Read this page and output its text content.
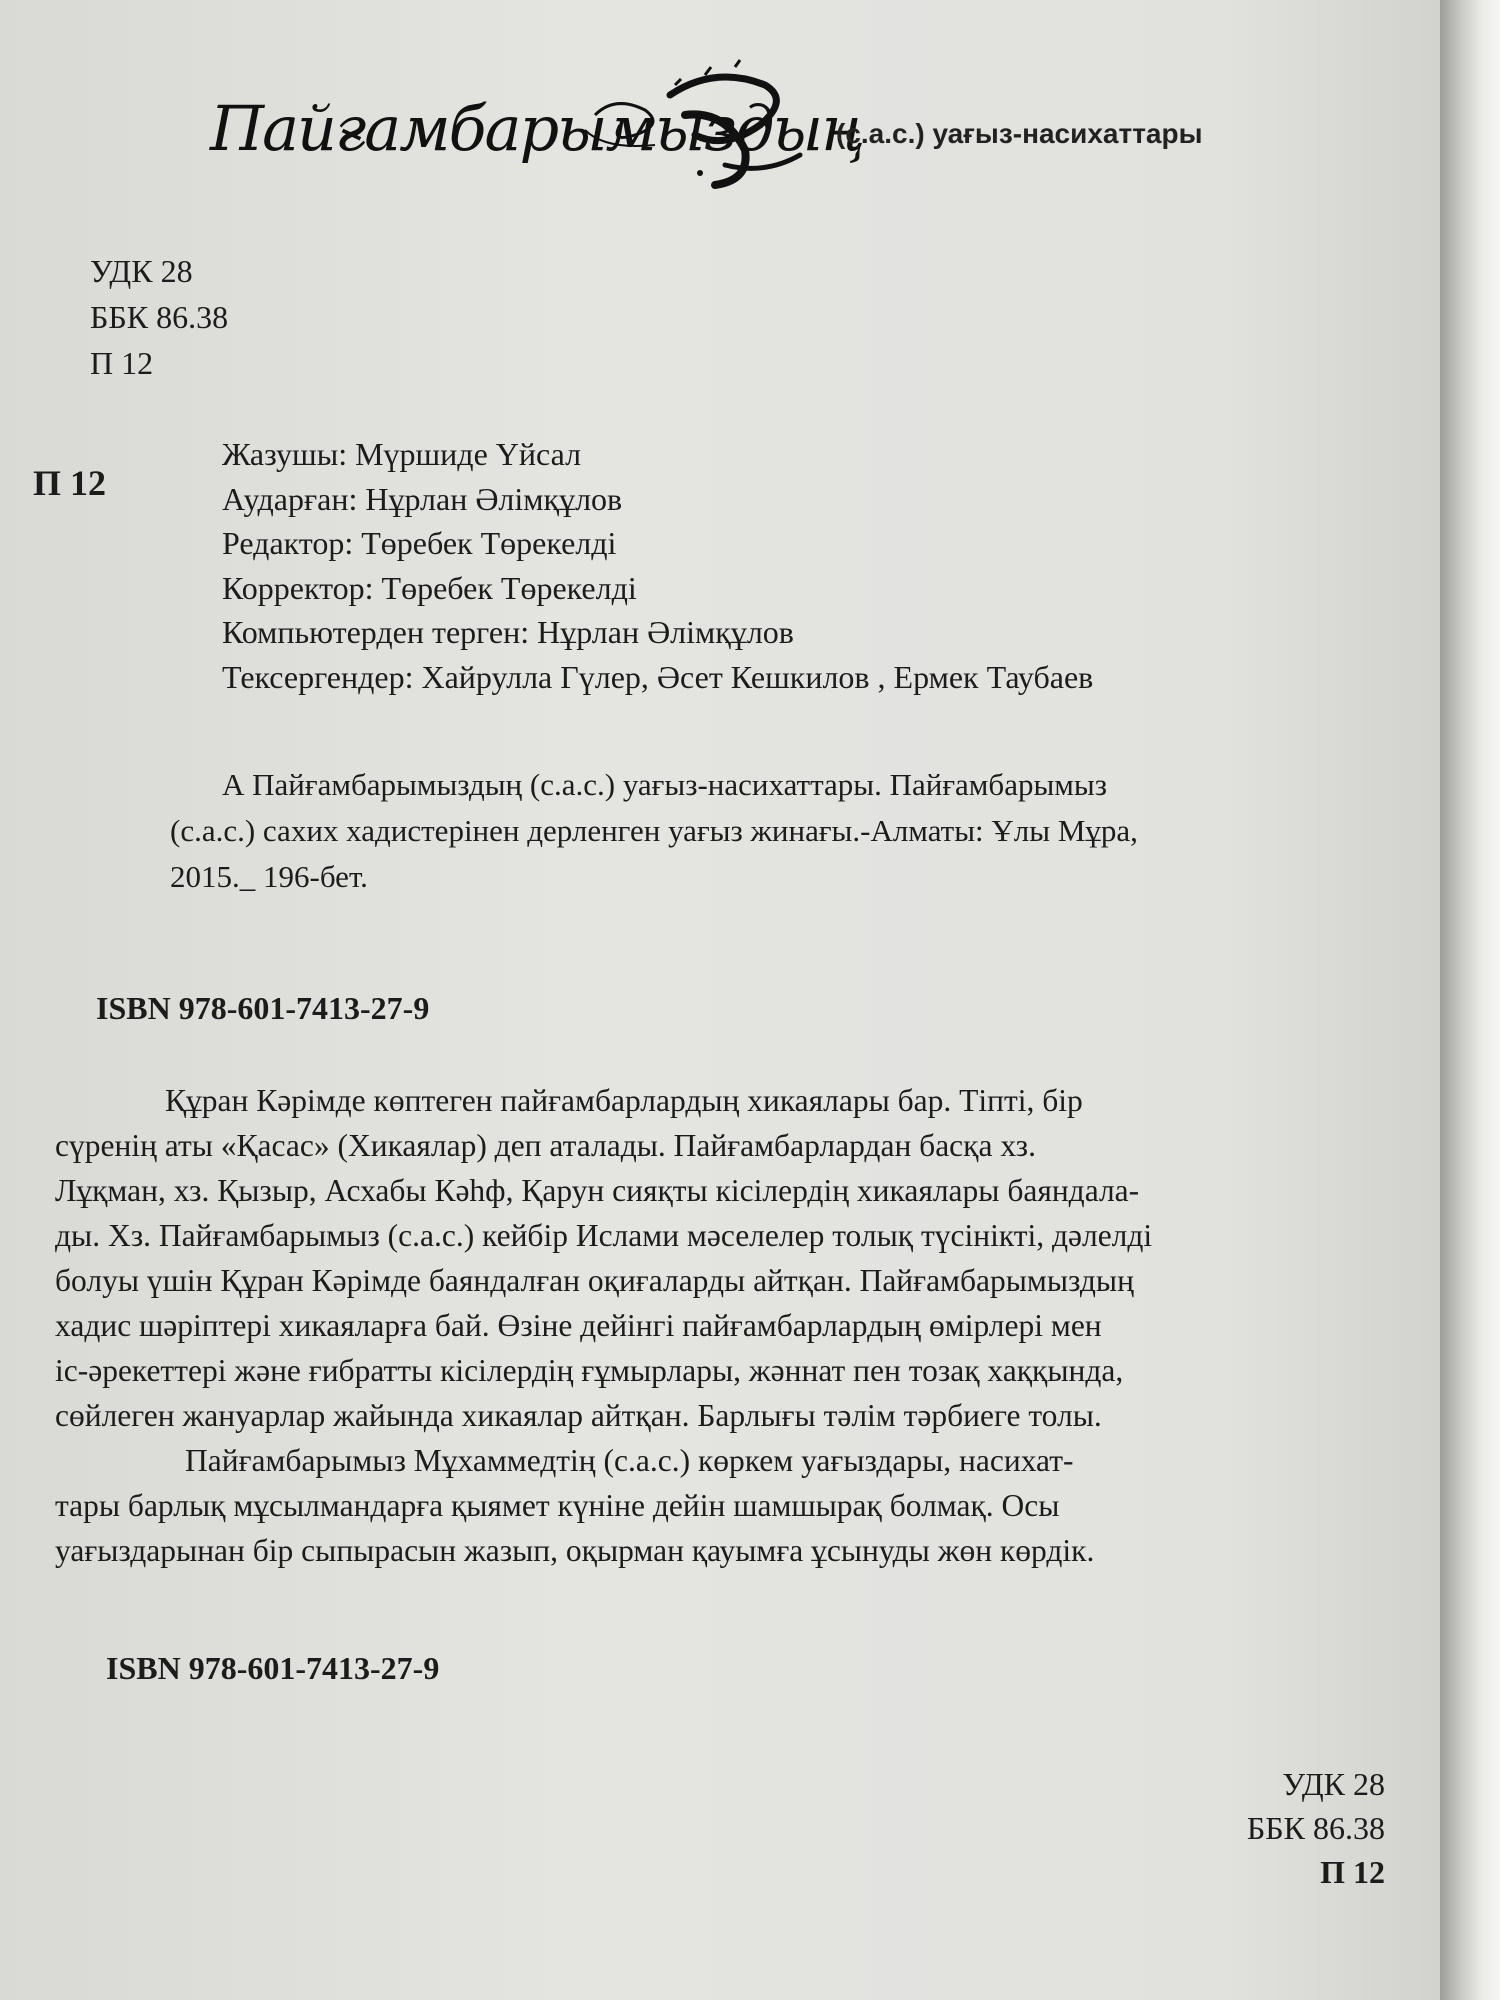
Пайғамбарымыздың
(с.а.с.) уағыз-насихаттары
УДК 28
ББК 86.38
П 12
П 12
Жазушы: Мүршиде Үйсал
Аударған: Нұрлан Әлімқұлов
Редактор: Төребек Төрекелді
Корректор: Төребек Төрекелді
Компьютерден терген: Нұрлан Әлімқұлов
Тексергендер: Хайрулла Гүлер, Әсет Кешкилов , Ермек Таубаев
А Пайғамбарымыздың (с.а.с.) уағыз-насихаттары. Пайғамбарымыз
(с.а.с.) сахих хадистерінен дерленген уағыз жинағы.-Алматы: Ұлы Мұра,
2015._ 196-бет.
ISBN 978-601-7413-27-9
Құран Кәрімде көптеген пайғамбарлардың хикаялары бар. Тіпті, бір
сүренің аты «Қасас» (Хикаялар) деп аталады. Пайғамбарлардан басқа хз.
Лұқман, хз. Қызыр, Асхабы Кәһф, Қарун сияқты кісілердің хикаялары баяндала-
ды. Хз. Пайғамбарымыз (с.а.с.) кейбір Ислами мәселелер толық түсінікті, дәлелді
болуы үшін Құран Кәрімде баяндалған оқиғаларды айтқан. Пайғамбарымыздың
хадис шәріптері хикаяларға бай. Өзіне дейінгі пайғамбарлардың өмірлері мен
іс-әрекеттері және ғибратты кісілердің ғұмырлары, жәннат пен тозақ хаққында,
сөйлеген жануарлар жайында хикаялар айтқан. Барлығы тәлім тәрбиеге толы.
Пайғамбарымыз Мұхаммедтің (с.а.с.) көркем уағыздары, насихат-
тары барлық мұсылмандарға қыямет күніне дейін шамшырақ болмақ. Осы
уағыздарынан бір сыпырасын жазып, оқырман қауымға ұсынуды жөн көрдік.
ISBN 978-601-7413-27-9
УДК 28
ББК 86.38
П 12
